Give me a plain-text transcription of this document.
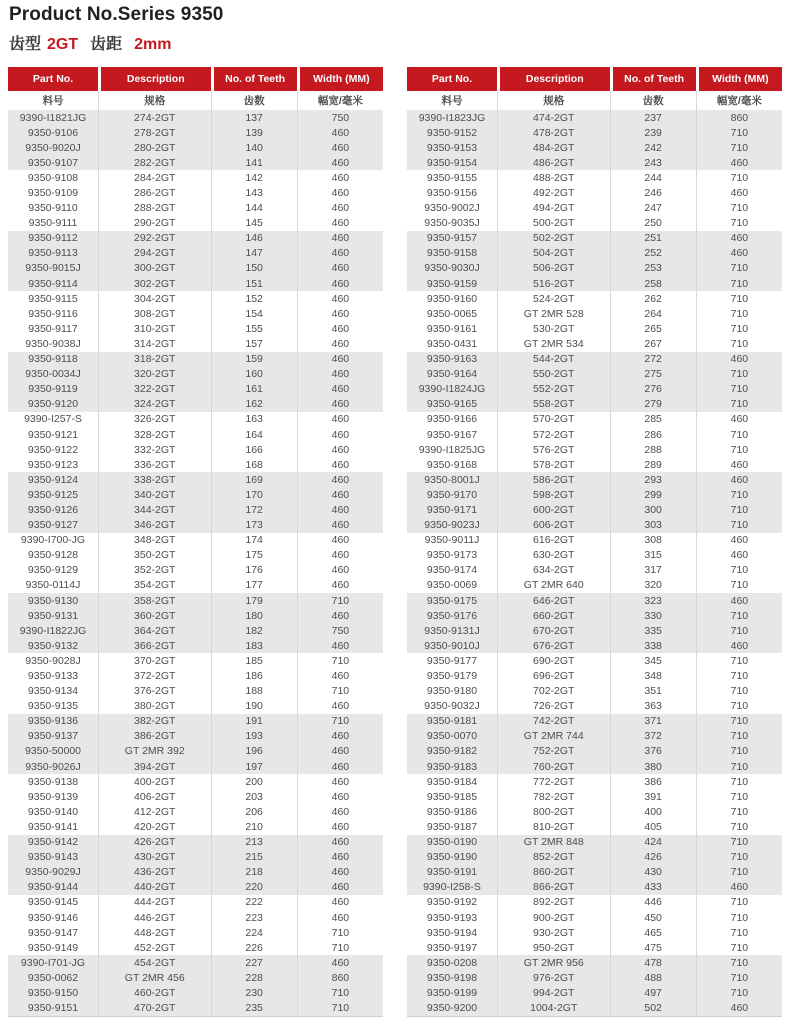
Product No.Series 9350
齿型 2GT 齿距 2mm
Part No.	Description	No. of Teeth	Width (MM)
料号	规格	齿数	幅宽/毫米
9390-I1821JG	274-2GT	137	750
9350-9106	278-2GT	139	460
9350-9020J	280-2GT	140	460
9350-9107	282-2GT	141	460
9350-9108	284-2GT	142	460
9350-9109	286-2GT	143	460
9350-9110	288-2GT	144	460
9350-9111	290-2GT	145	460
9350-9112	292-2GT	146	460
9350-9113	294-2GT	147	460
9350-9015J	300-2GT	150	460
9350-9114	302-2GT	151	460
9350-9115	304-2GT	152	460
9350-9116	308-2GT	154	460
9350-9117	310-2GT	155	460
9350-9038J	314-2GT	157	460
9350-9118	318-2GT	159	460
9350-0034J	320-2GT	160	460
9350-9119	322-2GT	161	460
9350-9120	324-2GT	162	460
9390-I257-S	326-2GT	163	460
9350-9121	328-2GT	164	460
9350-9122	332-2GT	166	460
9350-9123	336-2GT	168	460
9350-9124	338-2GT	169	460
9350-9125	340-2GT	170	460
9350-9126	344-2GT	172	460
9350-9127	346-2GT	173	460
9390-I700-JG	348-2GT	174	460
9350-9128	350-2GT	175	460
9350-9129	352-2GT	176	460
9350-0114J	354-2GT	177	460
9350-9130	358-2GT	179	710
9350-9131	360-2GT	180	460
9390-I1822JG	364-2GT	182	750
9350-9132	366-2GT	183	460
9350-9028J	370-2GT	185	710
9350-9133	372-2GT	186	460
9350-9134	376-2GT	188	710
9350-9135	380-2GT	190	460
9350-9136	382-2GT	191	710
9350-9137	386-2GT	193	460
9350-50000	GT 2MR 392	196	460
9350-9026J	394-2GT	197	460
9350-9138	400-2GT	200	460
9350-9139	406-2GT	203	460
9350-9140	412-2GT	206	460
9350-9141	420-2GT	210	460
9350-9142	426-2GT	213	460
9350-9143	430-2GT	215	460
9350-9029J	436-2GT	218	460
9350-9144	440-2GT	220	460
9350-9145	444-2GT	222	460
9350-9146	446-2GT	223	460
9350-9147	448-2GT	224	710
9350-9149	452-2GT	226	710
9390-I701-JG	454-2GT	227	460
9350-0062	GT 2MR 456	228	860
9350-9150	460-2GT	230	710
9350-9151	470-2GT	235	710
Part No.	Description	No. of Teeth	Width (MM)
料号	规格	齿数	幅宽/毫米
9390-I1823JG	474-2GT	237	860
9350-9152	478-2GT	239	710
9350-9153	484-2GT	242	710
9350-9154	486-2GT	243	460
9350-9155	488-2GT	244	710
9350-9156	492-2GT	246	460
9350-9002J	494-2GT	247	710
9350-9035J	500-2GT	250	710
9350-9157	502-2GT	251	460
9350-9158	504-2GT	252	460
9350-9030J	506-2GT	253	710
9350-9159	516-2GT	258	710
9350-9160	524-2GT	262	710
9350-0065	GT 2MR 528	264	710
9350-9161	530-2GT	265	710
9350-0431	GT 2MR 534	267	710
9350-9163	544-2GT	272	460
9350-9164	550-2GT	275	710
9390-I1824JG	552-2GT	276	710
9350-9165	558-2GT	279	710
9350-9166	570-2GT	285	460
9350-9167	572-2GT	286	710
9390-I1825JG	576-2GT	288	710
9350-9168	578-2GT	289	460
9350-8001J	586-2GT	293	460
9350-9170	598-2GT	299	710
9350-9171	600-2GT	300	710
9350-9023J	606-2GT	303	710
9350-9011J	616-2GT	308	460
9350-9173	630-2GT	315	460
9350-9174	634-2GT	317	710
9350-0069	GT 2MR 640	320	710
9350-9175	646-2GT	323	460
9350-9176	660-2GT	330	710
9350-9131J	670-2GT	335	710
9350-9010J	676-2GT	338	460
9350-9177	690-2GT	345	710
9350-9179	696-2GT	348	710
9350-9180	702-2GT	351	710
9350-9032J	726-2GT	363	710
9350-9181	742-2GT	371	710
9350-0070	GT 2MR 744	372	710
9350-9182	752-2GT	376	710
9350-9183	760-2GT	380	710
9350-9184	772-2GT	386	710
9350-9185	782-2GT	391	710
9350-9186	800-2GT	400	710
9350-9187	810-2GT	405	710
9350-0190	GT 2MR 848	424	710
9350-9190	852-2GT	426	710
9350-9191	860-2GT	430	710
9390-I258-S	866-2GT	433	460
9350-9192	892-2GT	446	710
9350-9193	900-2GT	450	710
9350-9194	930-2GT	465	710
9350-9197	950-2GT	475	710
9350-0208	GT 2MR 956	478	710
9350-9198	976-2GT	488	710
9350-9199	994-2GT	497	710
9350-9200	1004-2GT	502	460
